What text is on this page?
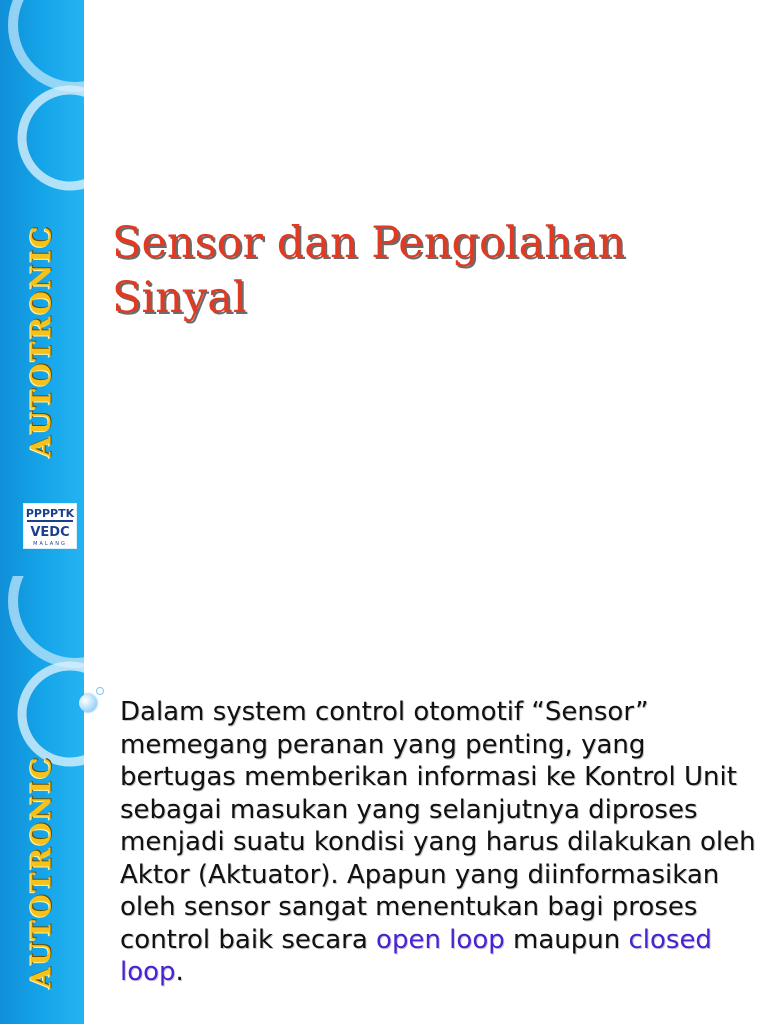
AUTOTRONIC
PPPPTK
VEDC
MALANG
Sensor dan Pengolahan
Sinyal
AUTOTRONIC

Dalam system control otomotif “Sensor” memegang peranan yang penting, yang bertugas memberikan informasi ke Kontrol Unit sebagai masukan yang selanjutnya diproses menjadi suatu kondisi yang harus dilakukan oleh Aktor (Aktuator). Apapun yang diinformasikan oleh sensor sangat menentukan bagi proses control baik secara open loop maupun closed loop.
